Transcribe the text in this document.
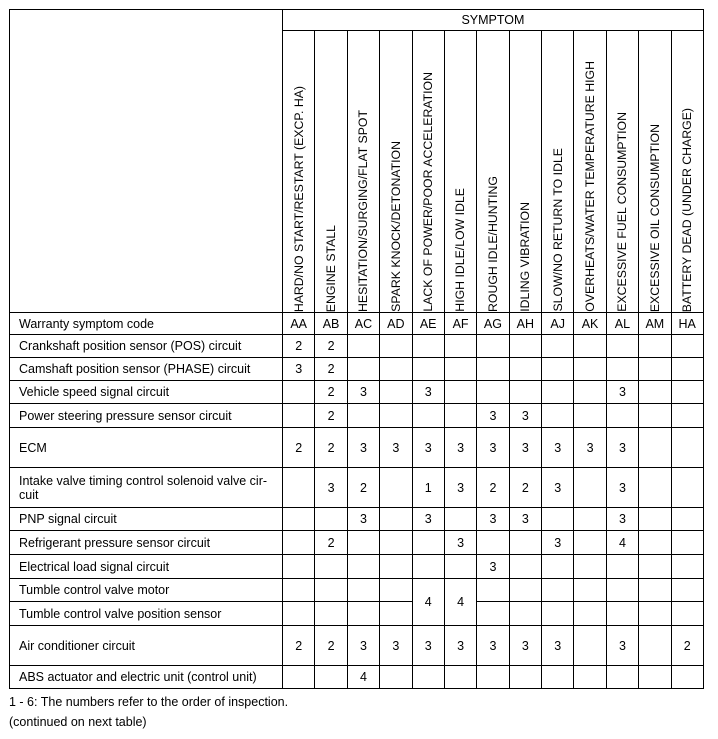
	SYMPTOM												

	HARD/NO START/RESTART (EXCP. HA)	ENGINE STALL	HESITATION/SURGING/FLAT SPOT	SPARK KNOCK/DETONATION	LACK OF POWER/POOR ACCELERATION	HIGH IDLE/LOW IDLE	ROUGH IDLE/HUNTING	IDLING VIBRATION	SLOW/NO RETURN TO IDLE	OVERHEATS/WATER TEMPERATURE HIGH	EXCESSIVE FUEL CONSUMPTION	EXCESSIVE OIL CONSUMPTION	BATTERY DEAD (UNDER CHARGE)

Warranty symptom code	AA	AB	AC	AD	AE	AF	AG	AH	AJ	AK	AL	AM	HA
Crankshaft position sensor (POS) circuit	2	2											
Camshaft position sensor (PHASE) circuit	3	2											
Vehicle speed signal circuit		2	3		3						3		
Power steering pressure sensor circuit		2					3	3					
ECM	2	2	3	3	3	3	3	3	3	3	3		
Intake valve timing control solenoid valve cir-cuit		3	2		1	3	2	2	3		3		
PNP signal circuit			3		3		3	3			3		
Refrigerant pressure sensor circuit		2				3			3		4		
Electrical load signal circuit							3						
Tumble control valve motor					4	4							
Tumble control valve position sensor													
Air conditioner circuit	2	2	3	3	3	3	3	3	3		3		2
ABS actuator and electric unit (control unit)			4										
1 - 6: The numbers refer to the order of inspection.
(continued on next table)
